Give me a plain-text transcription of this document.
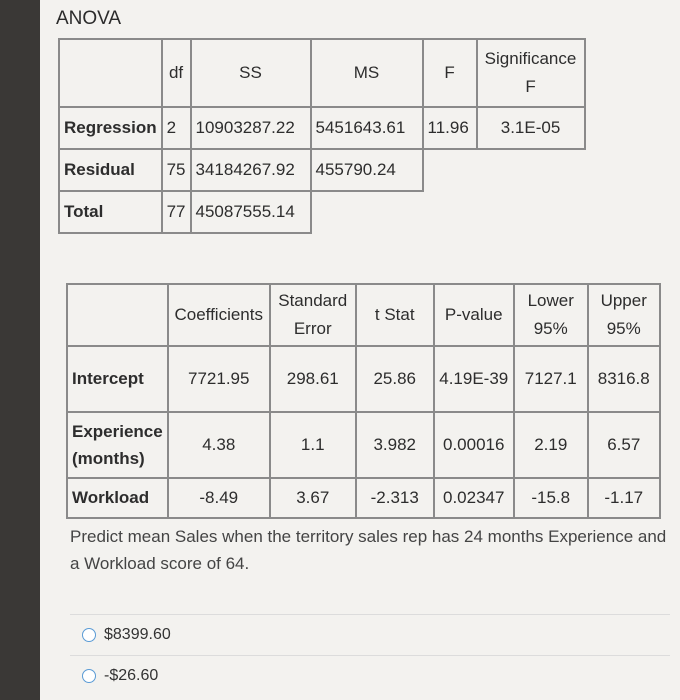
ANOVA
	df	SS	MS	F	Significance F
Regression	2	10903287.22	5451643.61	11.96	3.1E-05
Residual	75	34184267.92	455790.24		
Total	77	45087555.14			
	Coefficients	Standard Error	t Stat	P-value	Lower 95%	Upper 95%
Intercept	7721.95	298.61	25.86	4.19E-39	7127.1	8316.8
Experience (months)	4.38	1.1	3.982	0.00016	2.19	6.57
Workload	-8.49	3.67	-2.313	0.02347	-15.8	-1.17
Predict mean Sales when the territory sales rep has 24 months Experience and a Workload score of 64.
$8399.60
-$26.60
